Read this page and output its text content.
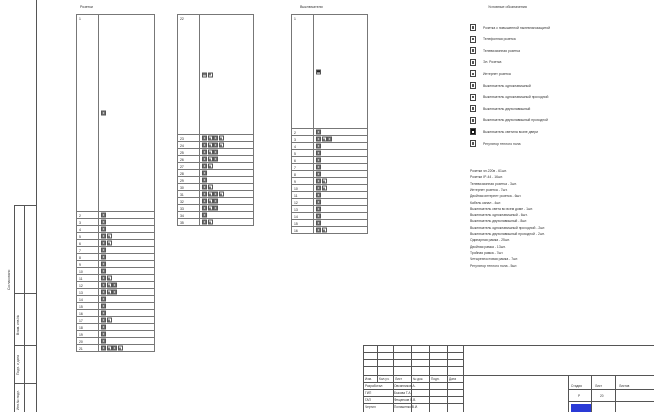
Розетки	Выключатели	Условные обозначения
1	

2	

3	

4	

5	

6	

7	

8	

9	

10	

11	

12	

13	

14	

15	

16	

17	

18	

19	

20	

21	
22	

23	

24	

25	

26	

27	

28	

29	

30	

31	

32	

33	

34	

35	
1	

2	

3	

4	

5	

6	

7	

8	

9	

10	

11	

12	

13	

14	

15	

16	
Розетка с повышенной пылевлагозащитой
Телефонная розетка
Телевизионная розетка
Эл. Розетка
Интернет розетка
Выключатель одноклавишный
Выключатель одноклавишный проходной
Выключатель двухклавишный
Выключатель двухклавишный проходной
Выключатель светила возле двери
Регулятор теплого пола
Розетки эл.220в - 61шт.
Розетки IP-44 - 16шт.
Телевизионная розетка - 3шт.
Интернет розетка - 7шт.
Двойная интернет розетка - 6шт.
Кабель канал - 4шт.
Выключатель света во всем доме - 1шт.
Выключатель одноклавишный - 6шт.
Выключатель двухклавишный - 8шт.
Выключатель одноклавишный проходной - 2шт.
Выключатель двухклавишный проходной - 2шт.
Одинарная рамка - 25шт.
Двойная рамка - 13шт.
Тройная рамка - 7шт.
Четырехпостовая рамка - 7шт.
Регулятор теплого пола - 5шт.
Согласовано
Взам. инв.№
Подп. и дата
Инв.№ подл.
Изм. Кол.уч. Лист	№ док. Подп.	Дата
Разработал	Овсянников А.
ГИП	Быкова Т.А.
ГАП	Фещенков В.В.
Чертил	Полишенко В.И.
Стадия	Лист	Листов
Р	20
